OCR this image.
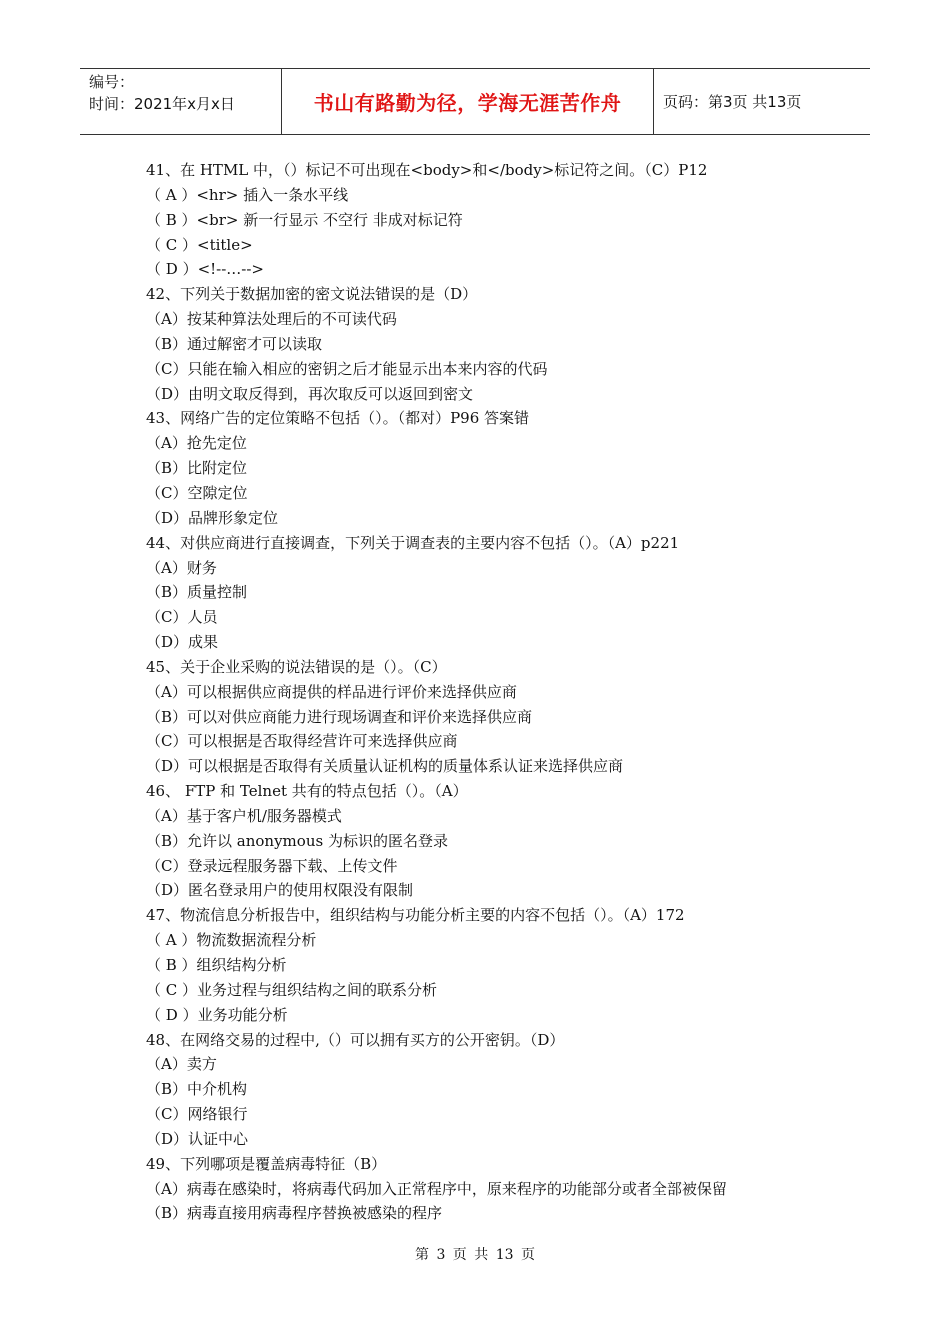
编号：
时间：2021年x月x日	书山有路勤为径，学海无涯苦作舟	页码：第3页 共13页
41、在 HTML 中，（）标记不可出现在<body>和</body>标记符之间。（C）P12
（ A ）<hr> 插入一条水平线
（ B ）<br> 新一行显示 不空行 非成对标记符
（ C ）<title>
（ D ）<!--…-->
42、下列关于数据加密的密文说法错误的是（D）
（A）按某种算法处理后的不可读代码
（B）通过解密才可以读取
（C）只能在输入相应的密钥之后才能显示出本来内容的代码
（D）由明文取反得到，再次取反可以返回到密文
43、网络广告的定位策略不包括（）。（都对）P96 答案错
（A）抢先定位
（B）比附定位
（C）空隙定位
（D）品牌形象定位
44、对供应商进行直接调查，下列关于调查表的主要内容不包括（）。（A）p221
（A）财务
（B）质量控制
（C）人员
（D）成果
45、关于企业采购的说法错误的是（）。（C）
（A）可以根据供应商提供的样品进行评价来选择供应商
（B）可以对供应商能力进行现场调查和评价来选择供应商
（C）可以根据是否取得经营许可来选择供应商
（D）可以根据是否取得有关质量认证机构的质量体系认证来选择供应商
46、 FTP 和 Telnet 共有的特点包括（）。（A）
（A）基于客户机/服务器模式
（B）允许以 anonymous 为标识的匿名登录
（C）登录远程服务器下载、上传文件
（D）匿名登录用户的使用权限没有限制
47、物流信息分析报告中，组织结构与功能分析主要的内容不包括（）。（A）172
（ A ）物流数据流程分析
（ B ）组织结构分析
（ C ）业务过程与组织结构之间的联系分析
（ D ）业务功能分析
48、在网络交易的过程中,（）可以拥有买方的公开密钥。（D）
（A）卖方
（B）中介机构
（C）网络银行
（D）认证中心
49、下列哪项是覆盖病毒特征（B）
（A）病毒在感染时，将病毒代码加入正常程序中，原来程序的功能部分或者全部被保留
（B）病毒直接用病毒程序替换被感染的程序
第 3 页 共 13 页
